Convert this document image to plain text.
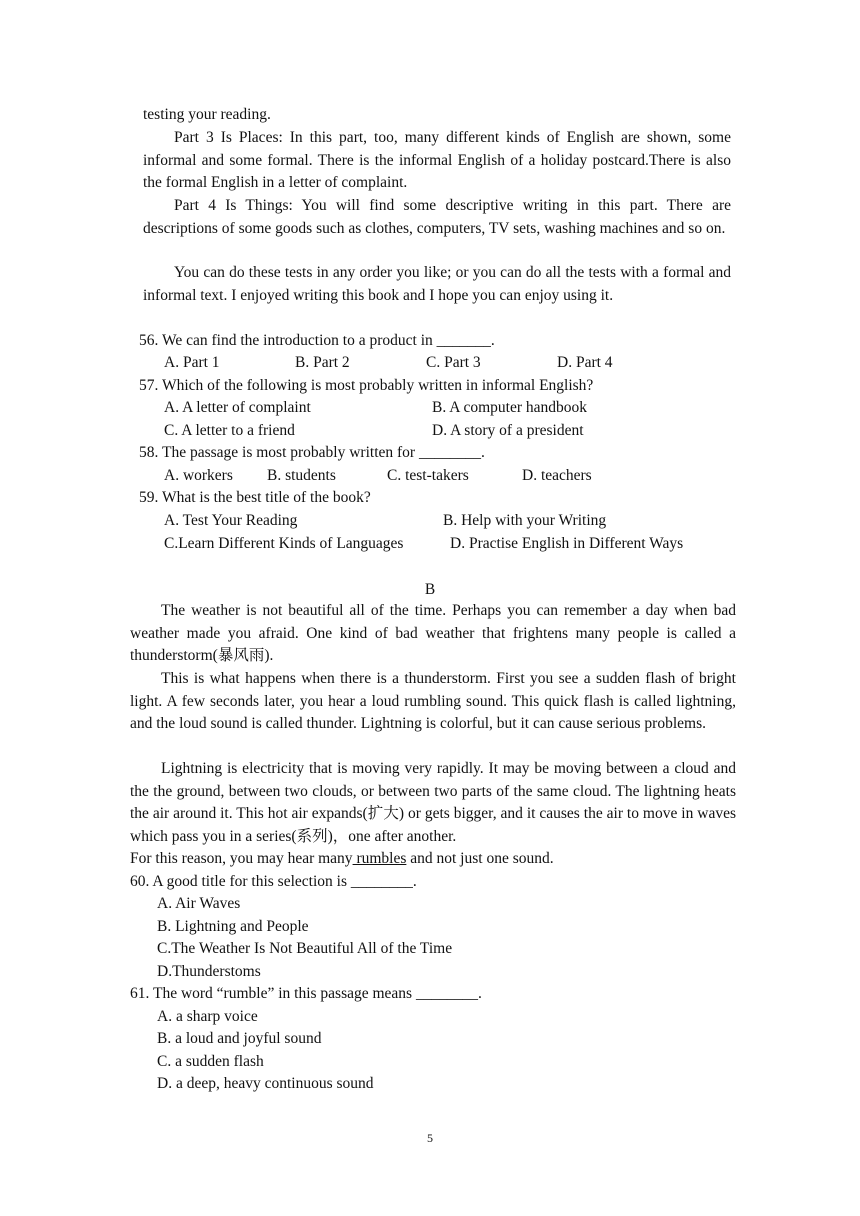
testing your reading.

Part 3 Is Places: In this part, too, many different kinds of English are shown, some informal and some formal. There is the informal English of a holiday postcard.There is also the formal English in a letter of complaint.

Part 4 Is Things: You will find some descriptive writing in this part. There are descriptions of some goods such as clothes, computers, TV sets, washing machines and so on.

You can do these tests in any order you like; or you can do all the tests with a formal and informal text. I enjoyed writing this book and I hope you can enjoy using it.

56. We can find the introduction to a product in _______.
A. Part 1	B. Part 2	C. Part 3	D. Part 4
57. Which of the following is most probably written in informal English?
A. A letter of complaint	B. A computer handbook
C. A letter to a friend	D. A story of a president
58. The passage is most probably written for ________.
A. workers B. students	C. test-takers	D. teachers
59. What is the best title of the book?
A. Test Your Reading	B. Help with your Writing
C.Learn Different Kinds of Languages	D. Practise English in Different Ways
B

The weather is not beautiful all of the time. Perhaps you can remember a day when bad weather made you afraid. One kind of bad weather that frightens many people is called a thunderstorm(暴风雨).

This is what happens when there is a thunderstorm. First you see a sudden flash of bright light. A few seconds later, you hear a loud rumbling sound. This quick flash is called lightning, and the loud sound is called thunder. Lightning is colorful, but it can cause serious problems.

Lightning is electricity that is moving very rapidly. It may be moving between a cloud and the the ground, between two clouds, or between two parts of the same cloud. The lightning heats the air around it. This hot air expands(扩大) or gets bigger, and it causes the air to move in waves which pass you in a series(系列)，one after another.

For this reason, you may hear many rumbles and not just one sound.
60. A good title for this selection is ________.
A. Air Waves
B. Lightning and People
C.The Weather Is Not Beautiful All of the Time
D.Thunderstoms
61. The word “rumble” in this passage means ________.
A. a sharp voice
B. a loud and joyful sound
C. a sudden flash
D. a deep, heavy continuous sound
5
